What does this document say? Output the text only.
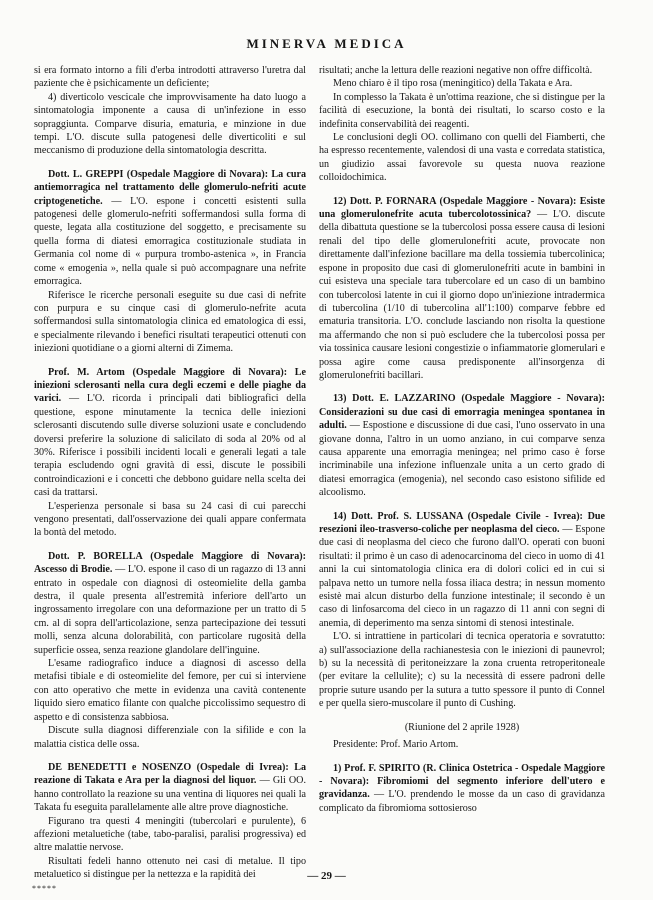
MINERVA MEDICA

si era formato intorno a fili d'erba introdotti attraverso l'uretra dal paziente che è psichicamente un deficiente;

4) diverticolo vescicale che improvvisamente ha dato luogo a sintomatologia imponente a causa di un'infezione in esso sopraggiunta. Comparve disuria, ematuria, e minzione in due tempi. L'O. discute sulla patogenesi delle diverticoliti e sul meccanismo di produzione della sintomatologia descritta.

Dott. L. GREPPI (Ospedale Maggiore di Novara): La cura antiemorragica nel trattamento delle glomerulo-nefriti acute criptogenetiche. — L'O. espone i concetti esistenti sulla patogenesi delle glomerulo-nefriti soffermandosi sulla forma di queste, legata alla costituzione del soggetto, e precisamente su quella forma di diatesi emorragica costituzionale studiata in Germania col nome di « purpura trombo-astenica », in Francia come « emogenia », nella quale si può accompagnare una nefrite emorragica.

Riferisce le ricerche personali eseguite su due casi di nefrite con purpura e su cinque casi di glomerulo-nefrite acuta soffermandosi sulla sintomatologia clinica ed ematologica di essi, e specialmente rilevando i benefici risultati terapeutici ottenuti con iniezioni quotidiane o a giorni alterni di Zimema.

Prof. M. Artom (Ospedale Maggiore di Novara): Le iniezioni sclerosanti nella cura degli eczemi e delle piaghe da varici. — L'O. ricorda i principali dati bibliografici della questione, espone minutamente la tecnica delle iniezioni sclerosanti discutendo sulle diverse soluzioni usate e concludendo doversi preferire la soluzione di salicilato di soda al 20% od al 30%. Riferisce i possibili incidenti locali e generali legati a tale terapia escludendo ogni gravità di essi, discute le possibili controindicazioni e i concetti che debbono guidare nella scelta dei casi da trattarsi.

L'esperienza personale si basa su 24 casi di cui parecchi vengono presentati, dall'osservazione dei quali appare confermata la bontà del metodo.

Dott. P. BORELLA (Ospedale Maggiore di Novara): Ascesso di Brodie. — L'O. espone il caso di un ragazzo di 13 anni entrato in ospedale con diagnosi di osteomielite della gamba destra, il quale presenta all'estremità inferiore dell'arto un ingrossamento irregolare con una deformazione per un tratto di 5 cm. al di sopra dell'articolazione, senza partecipazione dei tessuti molli, senza alcuna dolorabilità, con particolare rugosità della superficie ossea, senza reazione glandolare dell'inguine.

L'esame radiografico induce a diagnosi di ascesso della metafisi tibiale e di osteomielite del femore, per cui si interviene con atto operativo che mette in evidenza una cavità contenente liquido siero ematico filante con qualche piccolissimo sequestro di aspetto e di consistenza sabbiosa.

Discute sulla diagnosi differenziale con la sifilide e con la malattia cistica delle ossa.

DE BENEDETTI e NOSENZO (Ospedale di Ivrea): La reazione di Takata e Ara per la diagnosi del liquor. — Gli OO. hanno controllato la reazione su una ventina di liquores nei quali la Takata fu eseguita parallelamente alle altre prove diagnostiche.

Figurano tra questi 4 meningiti (tubercolari e purulente), 6 affezioni metaluetiche (tabe, tabo-paralisi, paralisi progressiva) ed altre malattie nervose.

Risultati fedeli hanno ottenuto nei casi di metalue. Il tipo metaluetico si distingue per la nettezza e la rapidità dei

risultati; anche la lettura delle reazioni negative non offre difficoltà.

Meno chiaro è il tipo rosa (meningitico) della Takata e Ara.

In complesso la Takata è un'ottima reazione, che si distingue per la facilità di esecuzione, la bontà dei risultati, lo scarso costo e la indefinita conservabilità dei reagenti.

Le conclusioni degli OO. collimano con quelli del Fiamberti, che ha espresso recentemente, valendosi di una vasta e corredata statistica, un giudizio assai favorevole su questa nuova reazione colloidochimica.

12) Dott. P. FORNARA (Ospedale Maggiore - Novara): Esiste una glomerulonefrite acuta tubercolotossinica? — L'O. discute della dibattuta questione se la tubercolosi possa essere causa di lesioni renali del tipo delle glomerulonefriti acute, provocate non direttamente dall'infezione bacillare ma della tossiemia tubercolinica; espone in proposito due casi di glomerulonefriti acute in bambini in cui esisteva una speciale tara tubercolare ed un caso di un bambino con tubercolosi latente in cui il giorno dopo un'iniezione intradermica di tubercolina (1/10 di tubercolina all'1:100) comparve febbre ed ematuria transitoria. L'O. conclude lasciando non risolta la questione ma affermando che non si può escludere che la tubercolosi possa per via tossinica causare lesioni congestizie o infiammatorie glomerulari e possa agire come causa predisponente all'insorgenza di glomerulonefriti bacillari.

13) Dott. E. LAZZARINO (Ospedale Maggiore - Novara): Considerazioni su due casi di emorragia meningea spontanea in adulti. — Espostione e discussione di due casi, l'uno osservato in una giovane donna, l'altro in un uomo anziano, in cui comparve senza causa apparente una emorragia meningea; nel primo caso è forse incriminabile una infezione influenzale unita a un certo grado di diatesi emorragica (emogenia), nel secondo caso esistono sifilide ed alcoolismo.

14) Dott. Prof. S. LUSSANA (Ospedale Civile - Ivrea): Due resezioni ileo-trasverso-coliche per neoplasma del cieco. — Espone due casi di neoplasma del cieco che furono dall'O. operati con buoni risultati: il primo è un caso di adenocarcinoma del cieco in uomo di 41 anni la cui sintomatologia clinica era di dolori colici ed in cui si palpava netto un tumore nella fossa iliaca destra; in nessun momento esistè mai alcun disturbo della funzione intestinale; il secondo è un caso di linfosarcoma del cieco in un ragazzo di 11 anni con segni di anemia, di deperimento ma senza sintomi di stenosi intestinale.

L'O. si intrattiene in particolari di tecnica operatoria e sovratutto: a) sull'associazione della rachianestesia con le iniezioni di paunevrol; b) su la necessità di peritoneizzare la zona cruenta retroperitoneale (per evitare la cellulite); c) su la necessità di essere padroni delle proprie suture usando per la sutura a tutto spessore il punto di Connel e per quella siero-muscolare il punto di Cushing.

(Riunione del 2 aprile 1928)

Presidente: Prof. Mario Artom.

1) Prof. F. SPIRITO (R. Clinica Ostetrica - Ospedale Maggiore - Novara): Fibromiomi del segmento inferiore dell'utero e gravidanza. — L'O. prendendo le mosse da un caso di gravidanza complicato da fibromioma sottosieroso

— 29 —
*****
